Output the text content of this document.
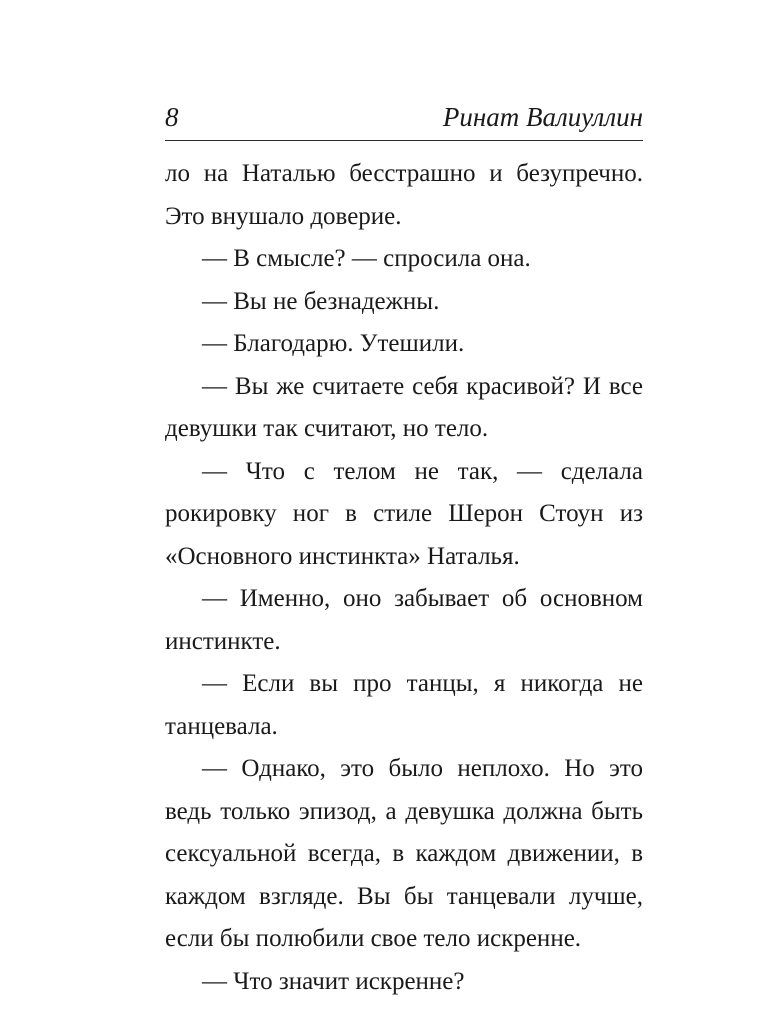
8	Ринат Валиуллин

ло на Наталью бесстрашно и безупречно. Это внушало доверие.

— В смысле? — спросила она.

— Вы не безнадежны.

— Благодарю. Утешили.

— Вы же считаете себя красивой? И все девушки так считают, но тело.

— Что с телом не так, — сделала рокировку ног в стиле Шерон Стоун из «Основного инстинкта» Наталья.

— Именно, оно забывает об основном инстинкте.

— Если вы про танцы, я никогда не танцевала.

— Однако, это было неплохо. Но это ведь только эпизод, а девушка должна быть сексуальной всегда, в каждом движении, в каждом взгляде. Вы бы танцевали лучше, если бы полюбили свое тело искренне.

— Что значит искренне?
